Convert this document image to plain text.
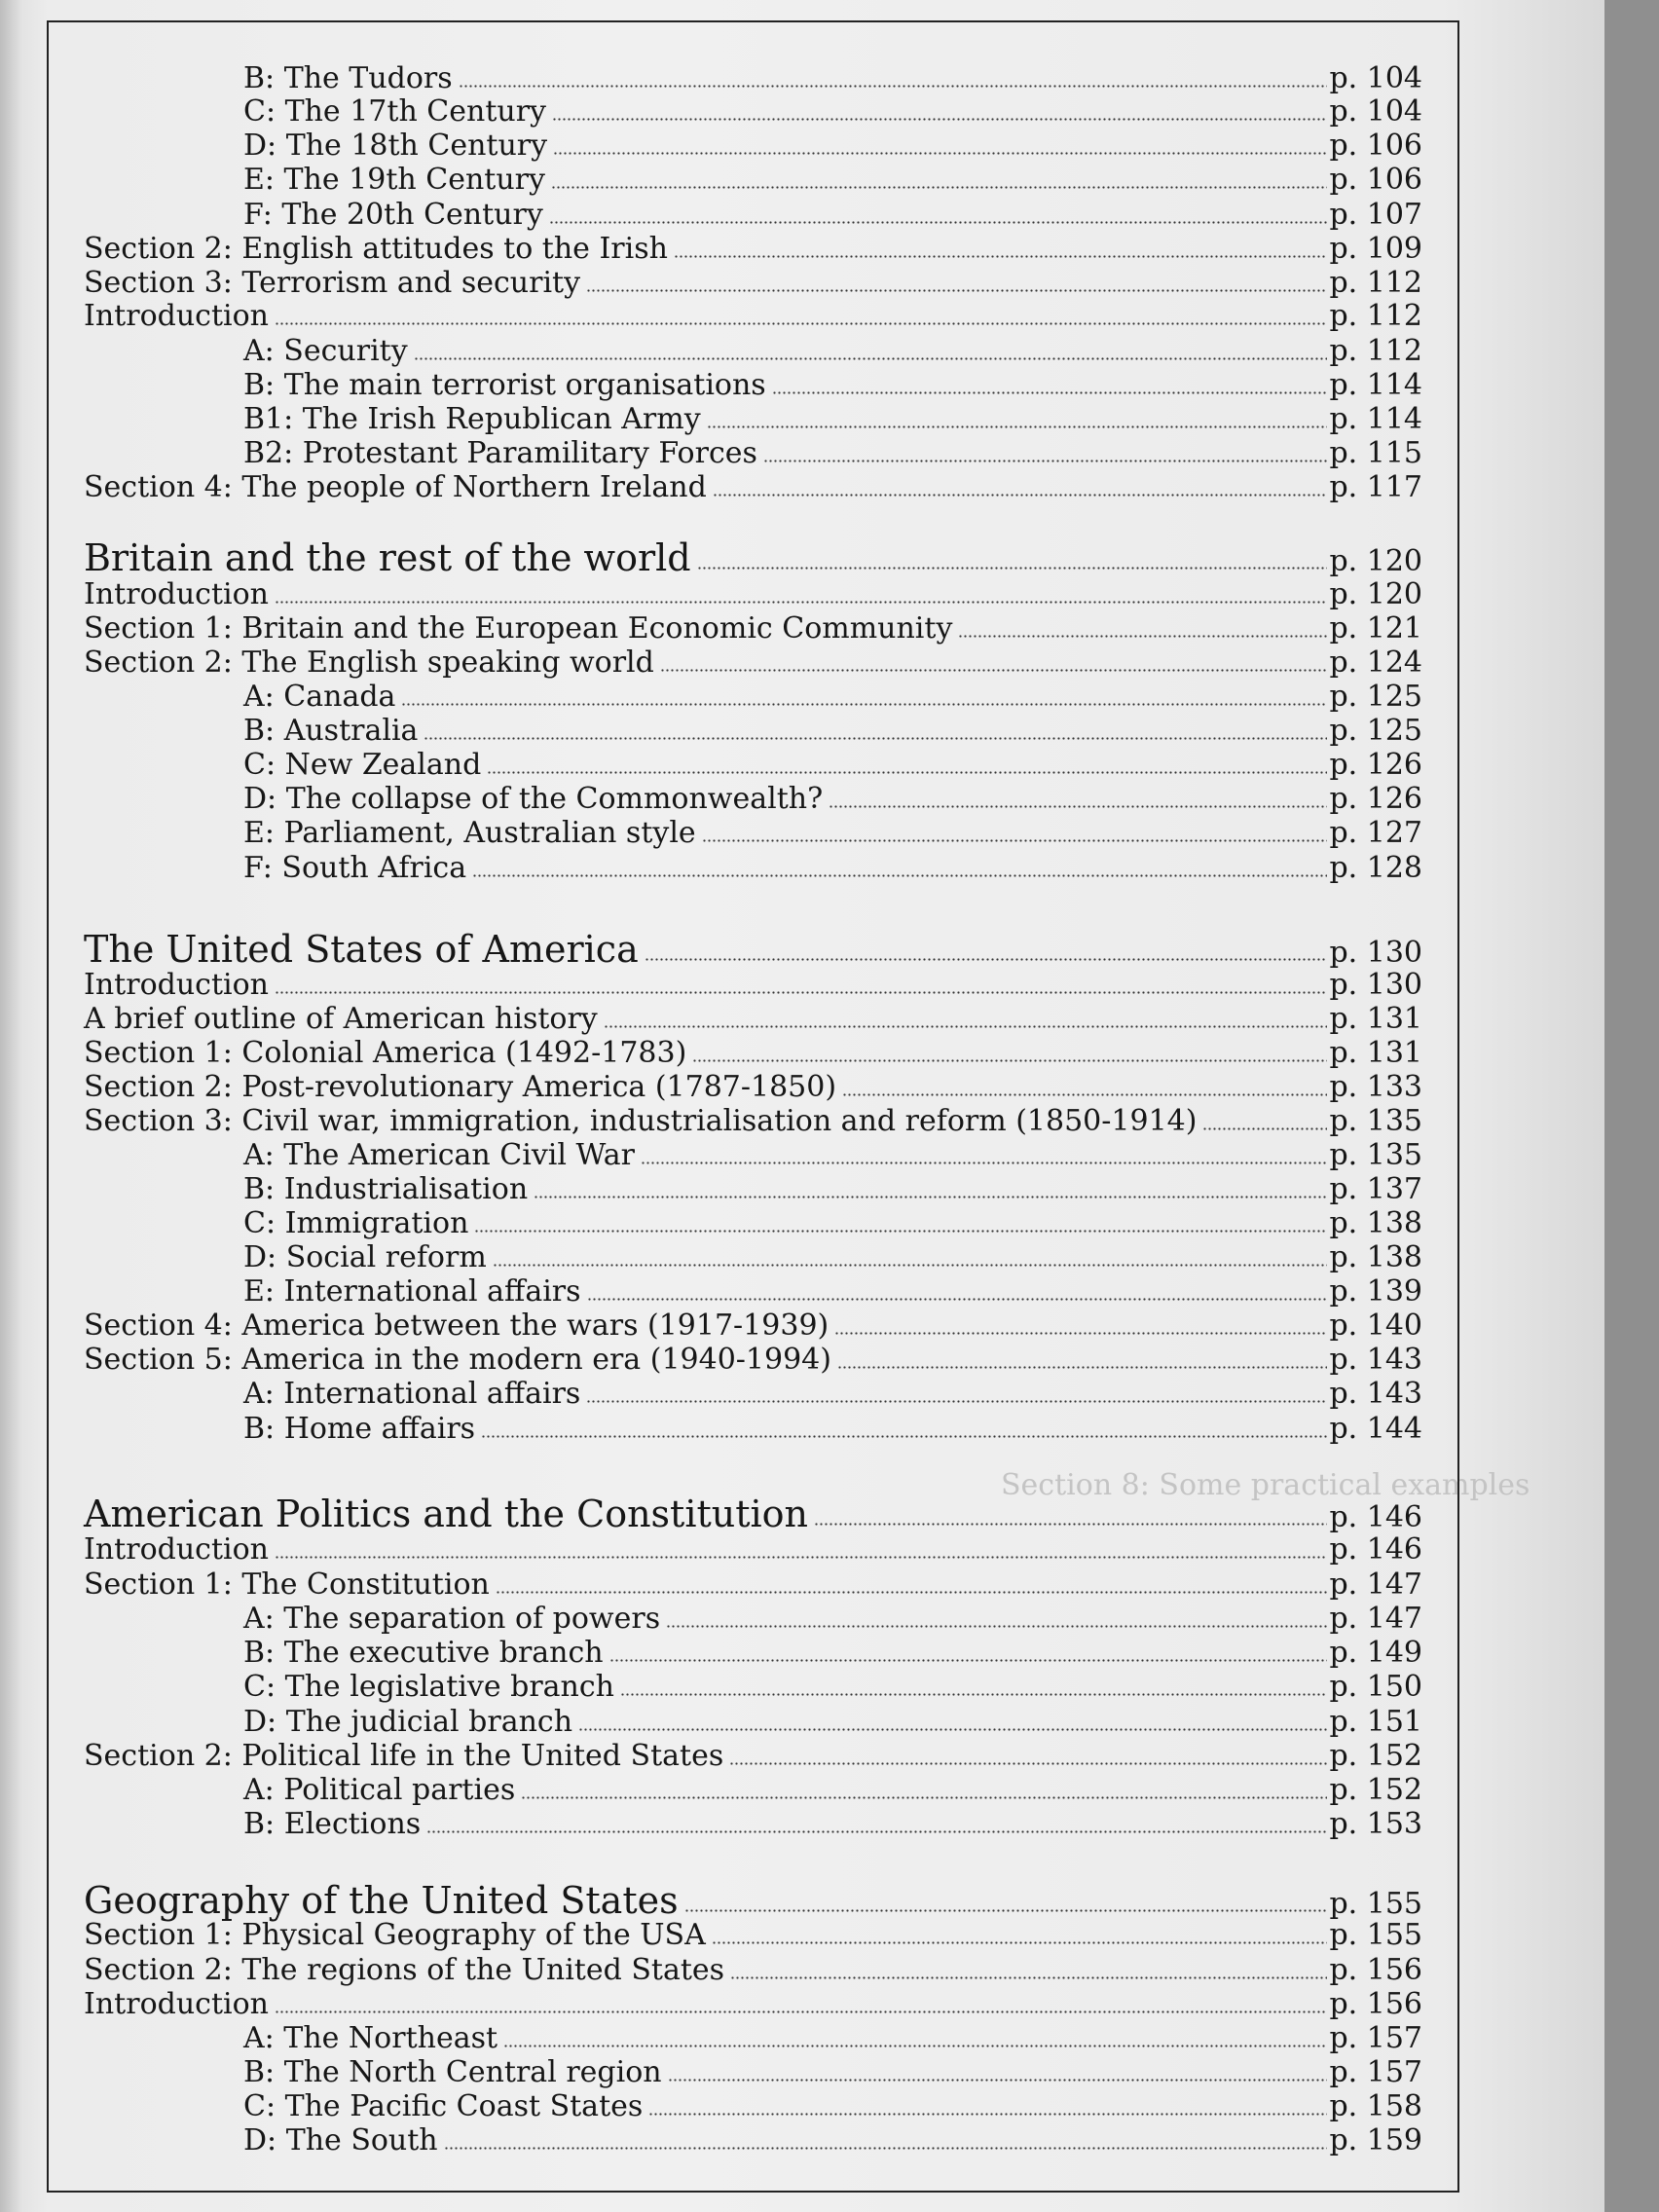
Section 8: Some practical examples
B: The Tudors	p. 104
C: The 17th Century	p. 104
D: The 18th Century	p. 106
E: The 19th Century	p. 106
F: The 20th Century	p. 107
Section 2: English attitudes to the Irish	p. 109
Section 3: Terrorism and security	p. 112
Introduction	p. 112
A: Security	p. 112
B: The main terrorist organisations	p. 114
B1: The Irish Republican Army	p. 114
B2: Protestant Paramilitary Forces	p. 115
Section 4: The people of Northern Ireland	p. 117
Britain and the rest of the world	p. 120
Introduction	p. 120
Section 1: Britain and the European Economic Community	p. 121
Section 2: The English speaking world	p. 124
A: Canada	p. 125
B: Australia	p. 125
C: New Zealand	p. 126
D: The collapse of the Commonwealth?	p. 126
E: Parliament, Australian style	p. 127
F: South Africa	p. 128
The United States of America	p. 130
Introduction	p. 130
A brief outline of American history	p. 131
Section 1: Colonial America (1492-1783)	p. 131
Section 2: Post-revolutionary America (1787-1850)	p. 133
Section 3: Civil war, immigration, industrialisation and reform (1850-1914)	p. 135
A: The American Civil War	p. 135
B: Industrialisation	p. 137
C: Immigration	p. 138
D: Social reform	p. 138
E: International affairs	p. 139
Section 4: America between the wars (1917-1939)	p. 140
Section 5: America in the modern era (1940-1994)	p. 143
A: International affairs	p. 143
B: Home affairs	p. 144
American Politics and the Constitution	p. 146
Introduction	p. 146
Section 1: The Constitution	p. 147
A: The separation of powers	p. 147
B: The executive branch	p. 149
C: The legislative branch	p. 150
D: The judicial branch	p. 151
Section 2: Political life in the United States	p. 152
A: Political parties	p. 152
B: Elections	p. 153
Geography of the United States	p. 155
Section 1: Physical Geography of the USA	p. 155
Section 2: The regions of the United States	p. 156
Introduction	p. 156
A: The Northeast	p. 157
B: The North Central region	p. 157
C: The Pacific Coast States	p. 158
D: The South	p. 159
